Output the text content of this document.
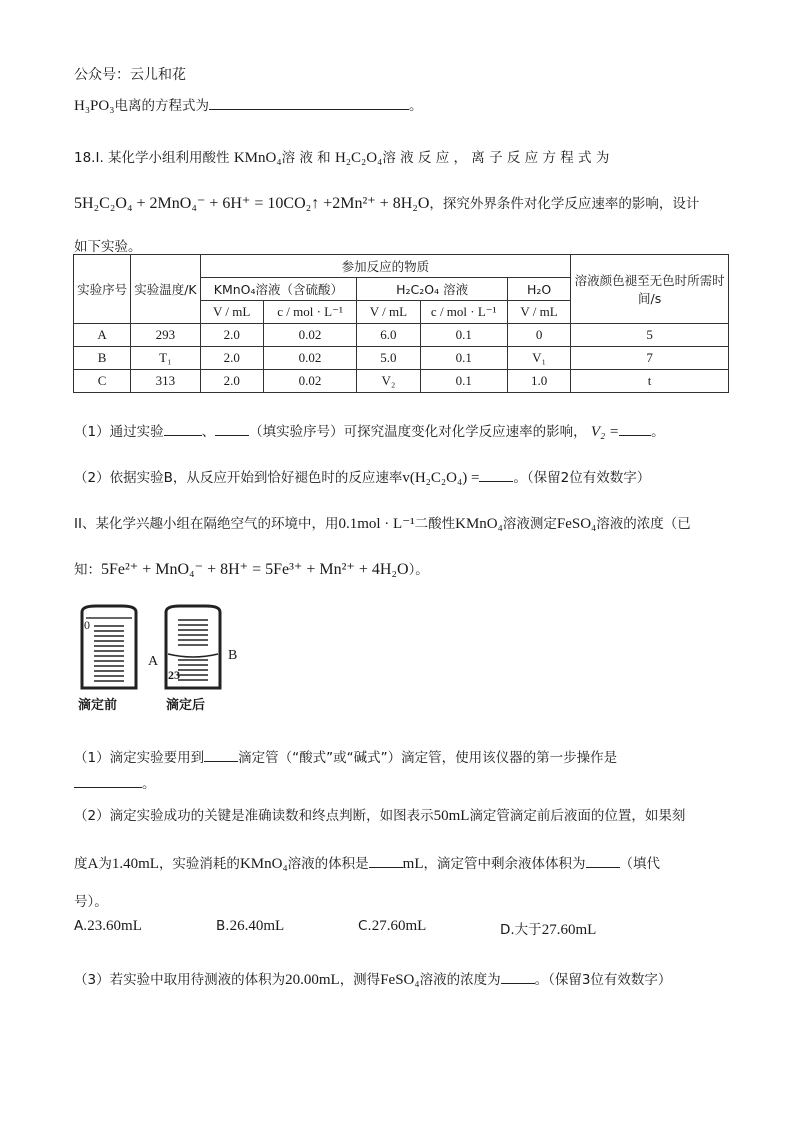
公众号：云儿和花
H₃PO₃电离的方程式为	。
18.I. 某化学小组利用酸性 KMnO₄溶 液 和 H₂C₂O₄溶 液 反 应 ， 离 子 反 应 方 程 式 为
5H₂C₂O₄ + 2MnO₄⁻ + 6H⁺ = 10CO₂↑ +2Mn²⁺ + 8H₂O，探究外界条件对化学反应速率的影响，设计
如下实验。
实验序号	实验温度/K	参加反应的物质					溶液颜色褪至无色时所需时间/s
		KMnO₄溶液（含硫酸）		H₂C₂O₄ 溶液		H₂O	
		V / mL	c / mol · L⁻¹	V / mL	c / mol · L⁻¹	V / mL	
A	293	2.0	0.02	6.0	0.1	0	5
B	T₁	2.0	0.02	5.0	0.1	V₁	7
C	313	2.0	0.02	V₂	0.1	1.0	t
（1）通过实验	、	（填实验序号）可探究温度变化对化学反应速率的影响， V₂ = 。
（2）依据实验B，从反应开始到恰好褪色时的反应速率v(H₂C₂O₄) =	。（保留2位有效数字）
II、某化学兴趣小组在隔绝空气的环境中，用0.1mol · L⁻¹二酸性KMnO₄溶液测定FeSO₄溶液的浓度（已
知：5Fe²⁺ + MnO₄⁻ + 8H⁺ = 5Fe³⁺ + Mn²⁺ + 4H₂O）。
0
A
23
B
滴定前	滴定后
（1）滴定实验要用到	滴定管（“酸式”或“碱式”）滴定管，使用该仪器的第一步操作是
。
（2）滴定实验成功的关键是准确读数和终点判断，如图表示50mL滴定管滴定前后液面的位置，如果刻
度A为1.40mL，实验消耗的KMnO₄溶液的体积是 mL，滴定管中剩余液体体积为	（填代
号）。
A.23.60mL	B.26.40mL	C.27.60mL	D.大于27.60mL
（3）若实验中取用待测液的体积为20.00mL，测得FeSO₄溶液的浓度为	。（保留3位有效数字）
